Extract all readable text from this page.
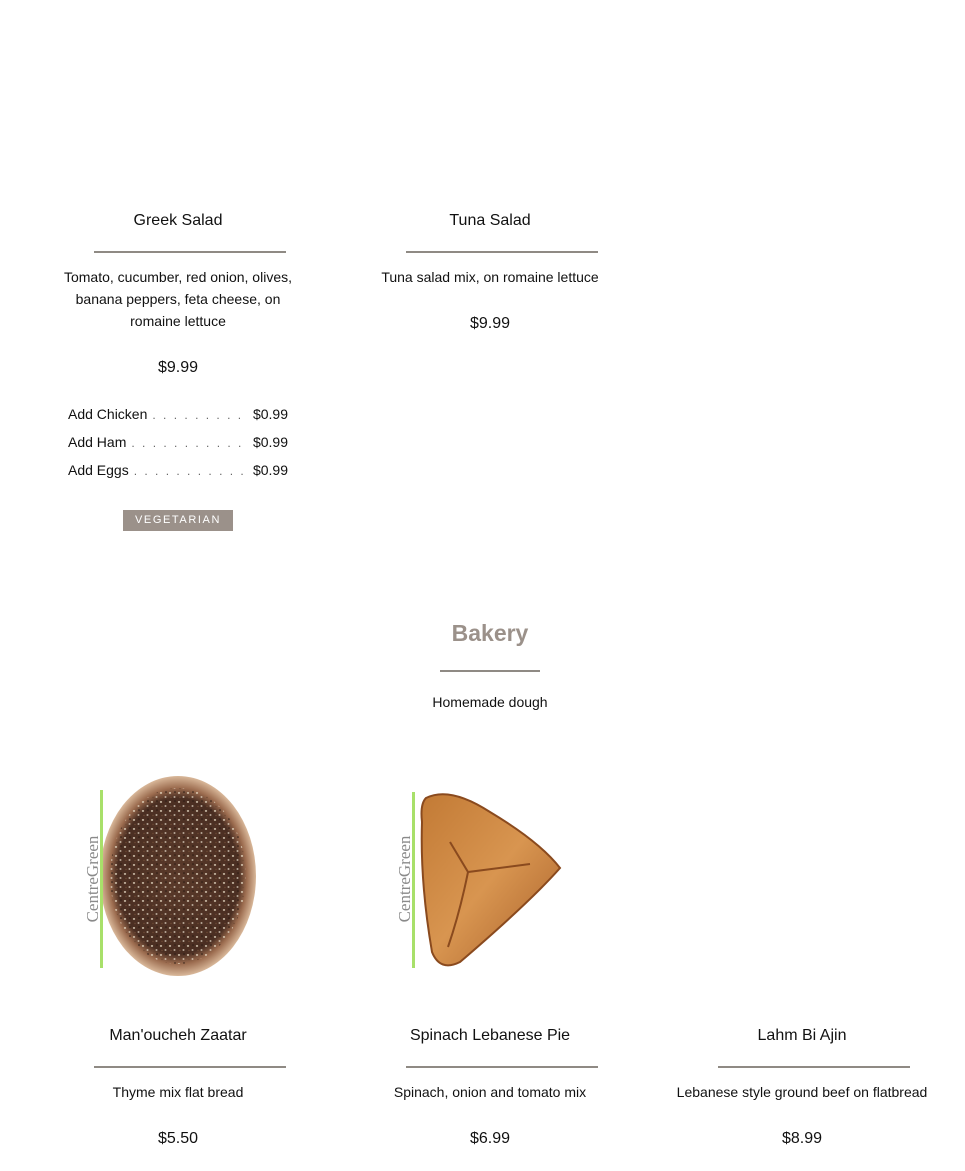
Greek Salad
Tomato, cucumber, red onion, olives, banana peppers, feta cheese, on romaine lettuce
$9.99
Add Chicken . . .	$0.99
Add Ham . . .	$0.99
Add Eggs . . .	$0.99
VEGETARIAN
Tuna Salad
Tuna salad mix, on romaine lettuce
$9.99
Bakery
Homemade dough
CentreGreen	CentreGreen
Man'oucheh Zaatar
Thyme mix flat bread
$5.50
Spinach Lebanese Pie
Spinach, onion and tomato mix
$6.99
Lahm Bi Ajin
Lebanese style ground beef on flatbread
$8.99
